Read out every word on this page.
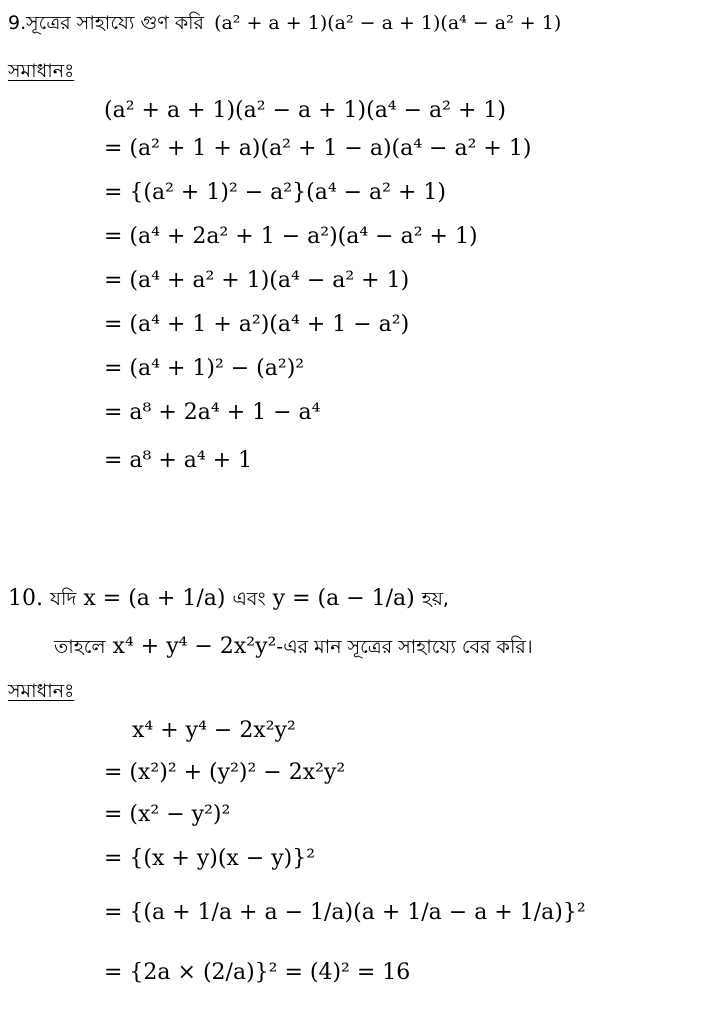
9.সূত্রের সাহায্যে গুণ করি (a² + a + 1)(a² − a + 1)(a⁴ − a² + 1)
সমাধানঃ
(a² + a + 1)(a² − a + 1)(a⁴ − a² + 1)
= (a² + 1 + a)(a² + 1 − a)(a⁴ − a² + 1)
= {(a² + 1)² − a²}(a⁴ − a² + 1)
= (a⁴ + 2a² + 1 − a²)(a⁴ − a² + 1)
= (a⁴ + a² + 1)(a⁴ − a² + 1)
= (a⁴ + 1 + a²)(a⁴ + 1 − a²)
= (a⁴ + 1)² − (a²)²
= a⁸ + 2a⁴ + 1 − a⁴
= a⁸ + a⁴ + 1
10. যদি x = (a + 1/a) এবং y = (a − 1/a) হয়,
তাহলে x⁴ + y⁴ − 2x²y²-এর মান সূত্রের সাহায্যে বের করি।
সমাধানঃ
x⁴ + y⁴ − 2x²y²
= (x²)² + (y²)² − 2x²y²
= (x² − y²)²
= {(x + y)(x − y)}²
= {(a + 1/a + a − 1/a)(a + 1/a − a + 1/a)}²
= {2a × (2/a)}² = (4)² = 16
